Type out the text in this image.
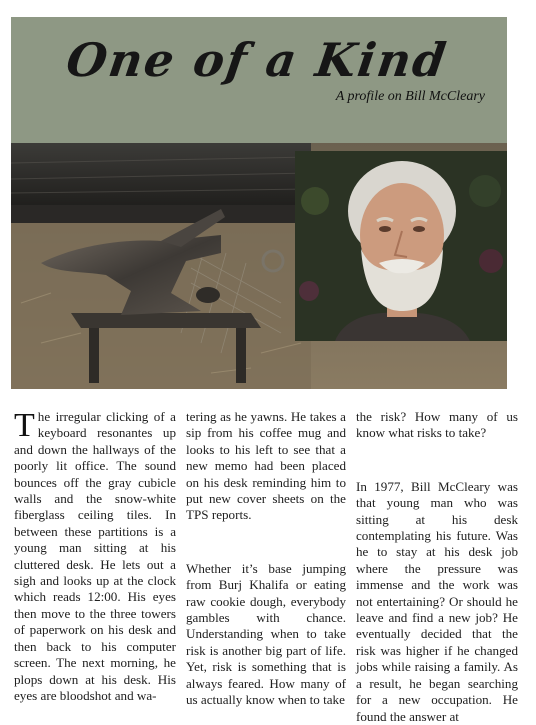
One of a Kind
A profile on Bill McCleary

The irregular clicking of a keyboard resonantes up and down the hallways of the poorly lit office. The sound bounces off the gray cubicle walls and the snow-white fiberglass ceiling tiles. In between these partitions is a young man sitting at his cluttered desk. He lets out a sigh and looks up at the clock which reads 12:00. His eyes then move to the three towers of paperwork on his desk and then back to his computer screen. The next morning, he plops down at his desk. His eyes are bloodshot and wa-

tering as he yawns. He takes a sip from his coffee mug and looks to his left to see that a new memo had been placed on his desk reminding him to put new cover sheets on the TPS reports.

Whether it’s base jumping from Burj Khalifa or eating raw cookie dough, everybody gambles with chance. Understanding when to take risk is another big part of life. Yet, risk is something that is always feared. How many of us actually know when to take

the risk? How many of us know what risks to take?

In 1977, Bill McCleary was that young man who was sitting at his desk contemplating his future. Was he to stay at his desk job where the pressure was immense and the work was not entertaining? Or should he leave and find a new job? He eventually decided that the risk was higher if he changed jobs while raising a family. As a result, he began searching for a new occupation. He found the answer at
